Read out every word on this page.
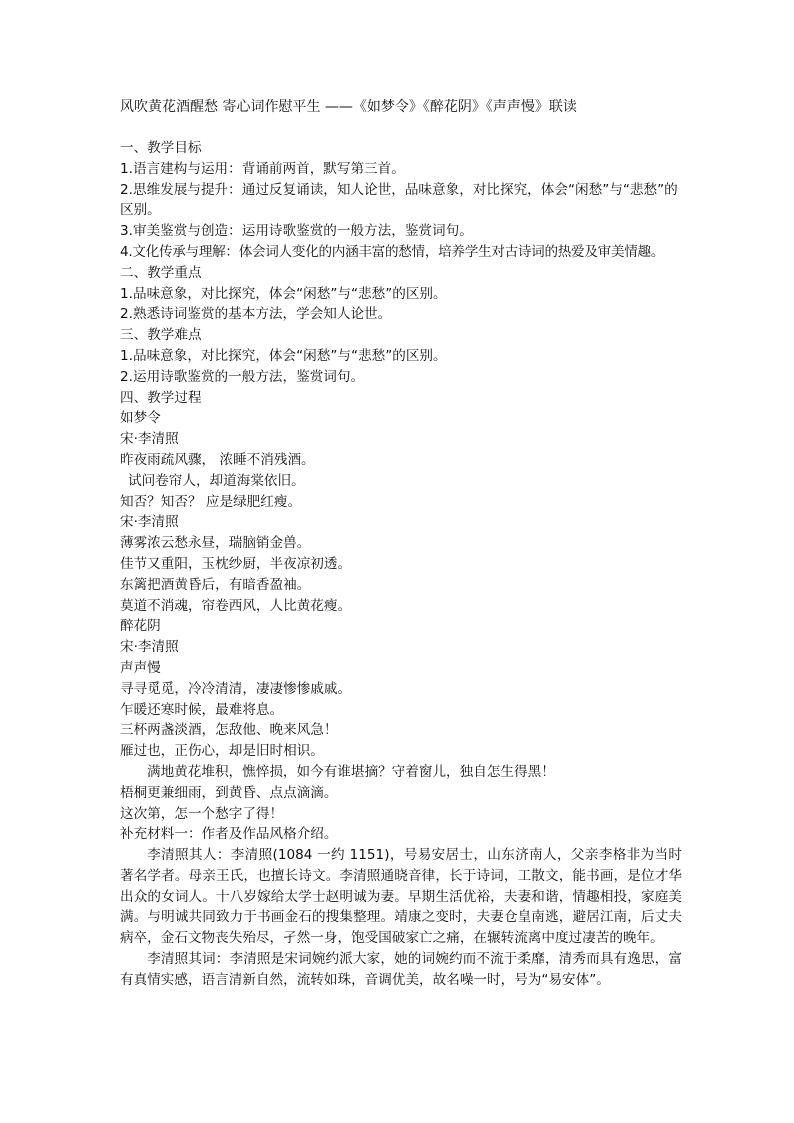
风吹黄花酒醒愁 寄心词作慰平生 ——《如梦令》《醉花阴》《声声慢》联读
一、教学目标
1.语言建构与运用：背诵前两首，默写第三首。
2.思维发展与提升：通过反复诵读，知人论世，品味意象，对比探究，体会“闲愁”与“悲愁”的区别。
3.审美鉴赏与创造：运用诗歌鉴赏的一般方法，鉴赏词句。
4.文化传承与理解：体会词人变化的内涵丰富的愁情，培养学生对古诗词的热爱及审美情趣。
二、教学重点
1.品味意象，对比探究，体会“闲愁”与“悲愁”的区别。
2.熟悉诗词鉴赏的基本方法，学会知人论世。
三、教学难点
1.品味意象，对比探究，体会“闲愁”与“悲愁”的区别。
2.运用诗歌鉴赏的一般方法，鉴赏词句。
四、教学过程
如梦令
宋·李清照
昨夜雨疏风骤， 浓睡不消残酒。
试问卷帘人，却道海棠依旧。
知否？知否？ 应是绿肥红瘦。
宋·李清照
薄雾浓云愁永昼，瑞脑销金兽。
佳节又重阳，玉枕纱厨，半夜凉初透。
东篱把酒黄昏后，有暗香盈袖。
莫道不消魂，帘卷西风，人比黄花瘦。
醉花阴
宋·李清照
声声慢
寻寻觅觅，冷冷清清，凄凄惨惨戚戚。
乍暖还寒时候，最难将息。
三杯两盏淡酒，怎敌他、晚来风急！
雁过也，正伤心，却是旧时相识。
满地黄花堆积，憔悴损，如今有谁堪摘？守着窗儿，独自怎生得黑！
梧桐更兼细雨，到黄昏、点点滴滴。
这次第，怎一个愁字了得！
补充材料一：作者及作品风格介绍。
李清照其人：李清照(1084 一约 1151)，号易安居士，山东济南人，父亲李格非为当时著名学者。母亲王氏，也擅长诗文。李清照通晓音律，长于诗词，工散文，能书画，是位才华出众的女词人。十八岁嫁给太学士赵明诚为妻。早期生活优裕，夫妻和谐，情趣相投，家庭美满。与明诚共同致力于书画金石的搜集整理。靖康之变时，夫妻仓皇南逃，避居江南，后丈夫病卒，金石文物丧失殆尽，孑然一身，饱受国破家亡之痛，在辗转流离中度过凄苦的晚年。
李清照其词：李清照是宋词婉约派大家，她的词婉约而不流于柔靡，清秀而具有逸思，富有真情实感，语言清新自然，流转如珠，音调优美，故名噪一时，号为“易安体”。
